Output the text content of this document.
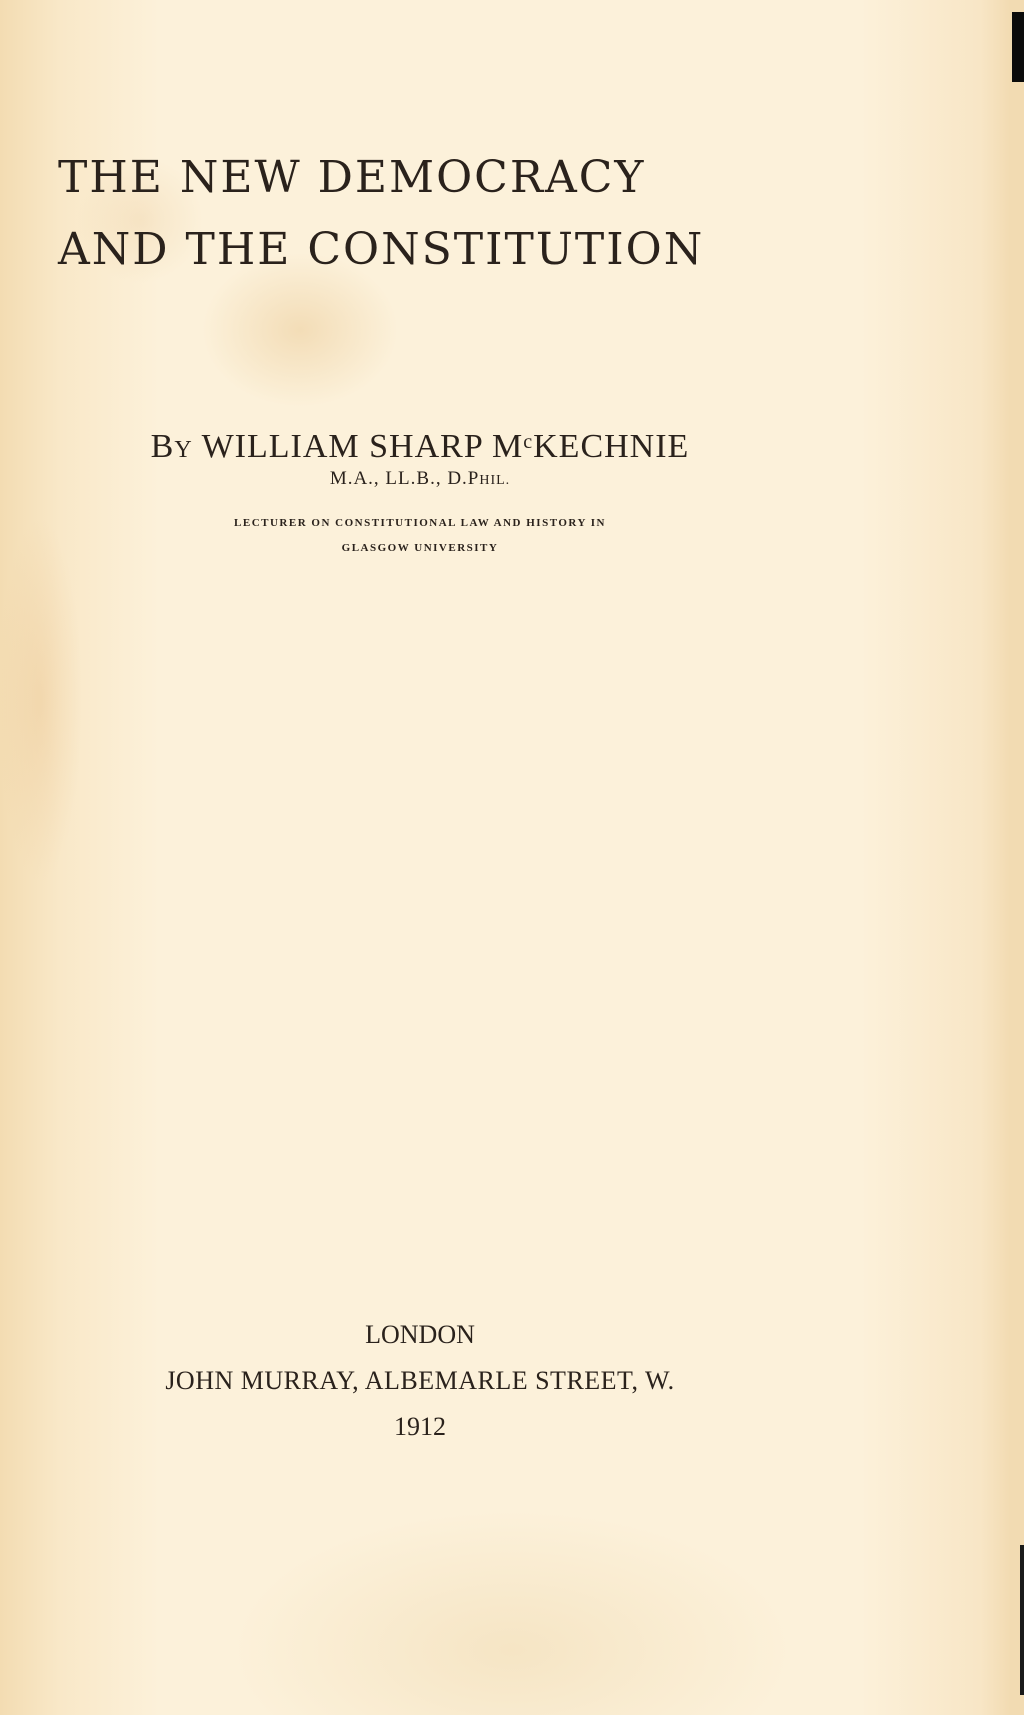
THE NEW DEMOCRACY
AND THE CONSTITUTION
BY WILLIAM SHARP $M^cKECHNIE$
M.A., LL.B., D.PHIL.
LECTURER ON CONSTITUTIONAL LAW AND HISTORY IN
GLASGOW UNIVERSITY
LONDON
JOHN MURRAY, ALBEMARLE STREET, W.
1912
